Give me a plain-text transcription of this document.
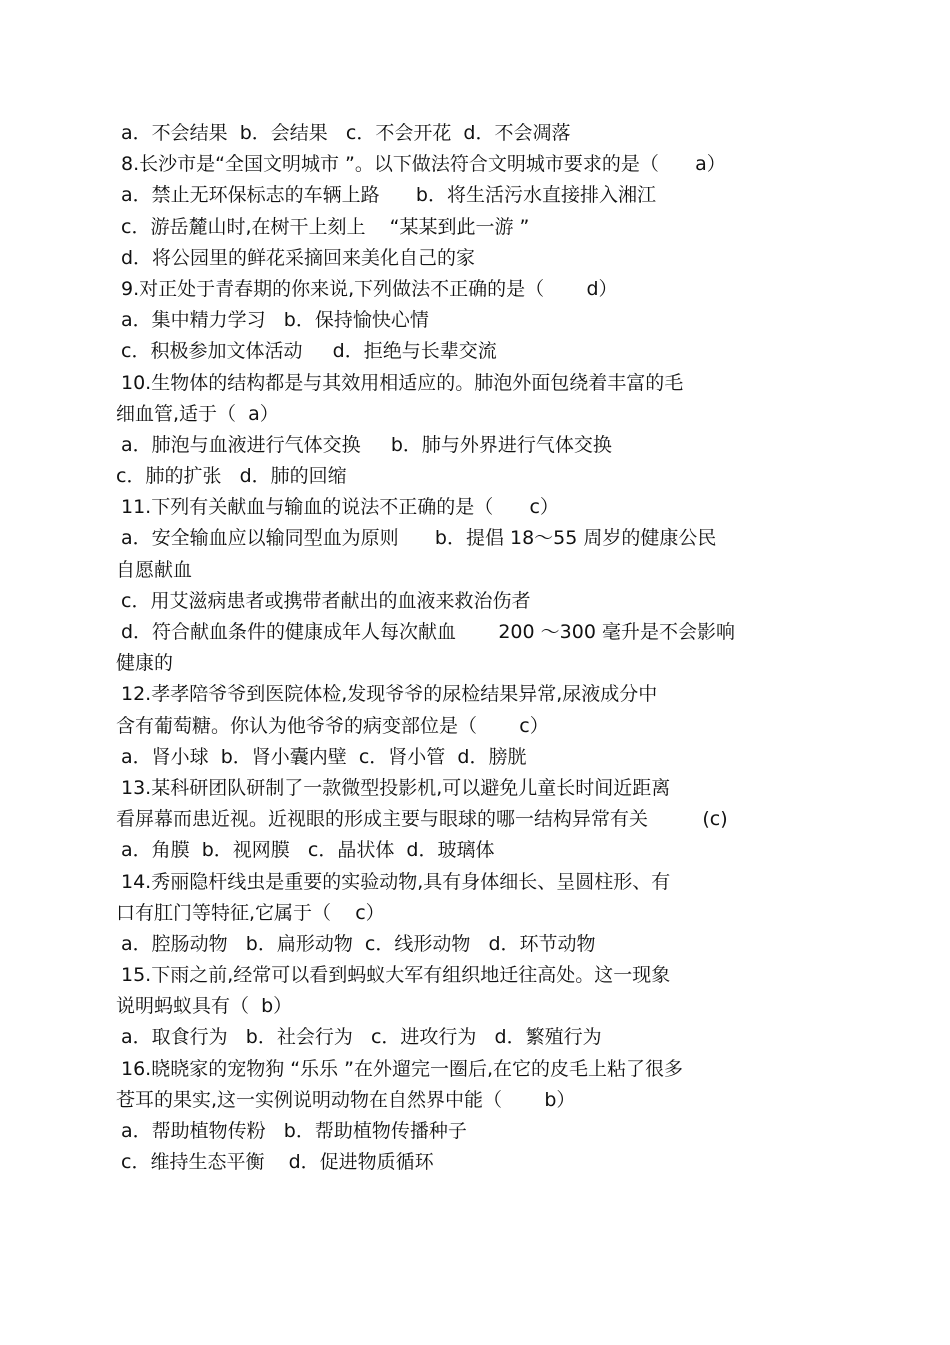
a．不会结果  b．会结果   c．不会开花  d．不会凋落
8.长沙市是“全国文明城市 ”。以下做法符合文明城市要求的是（      a）
a．禁止无环保标志的车辆上路      b．将生活污水直接排入湘江
c．游岳麓山时,在树干上刻上    “某某到此一游 ”
d．将公园里的鲜花采摘回来美化自己的家
9.对正处于青春期的你来说,下列做法不正确的是（       d）
a．集中精力学习   b．保持愉快心情
c．积极参加文体活动     d．拒绝与长辈交流
10.生物体的结构都是与其效用相适应的。肺泡外面包绕着丰富的毛
细血管,适于（  a）
a．肺泡与血液进行气体交换     b．肺与外界进行气体交换
c．肺的扩张   d．肺的回缩
11.下列有关献血与输血的说法不正确的是（      c）
a．安全输血应以输同型血为原则      b．提倡 18～55 周岁的健康公民
自愿献血
c．用艾滋病患者或携带者献出的血液来救治伤者
d．符合献血条件的健康成年人每次献血       200 ～300 毫升是不会影响
健康的
12.孝孝陪爷爷到医院体检,发现爷爷的尿检结果异常,尿液成分中
含有葡萄糖。你认为他爷爷的病变部位是（       c）
a．肾小球  b．肾小囊内壁  c．肾小管  d．膀胱
13.某科研团队研制了一款微型投影机,可以避免儿童长时间近距离
看屏幕而患近视。近视眼的形成主要与眼球的哪一结构异常有关         (c)
a．角膜  b．视网膜   c．晶状体  d．玻璃体
14.秀丽隐杆线虫是重要的实验动物,具有身体细长、呈圆柱形、有
口有肛门等特征,它属于（    c）
a．腔肠动物   b．扁形动物  c．线形动物   d．环节动物
15.下雨之前,经常可以看到蚂蚁大军有组织地迁往高处。这一现象
说明蚂蚁具有（  b）
a．取食行为   b．社会行为   c．进攻行为   d．繁殖行为
16.晓晓家的宠物狗 “乐乐 ”在外遛完一圈后,在它的皮毛上粘了很多
苍耳的果实,这一实例说明动物在自然界中能（       b）
a．帮助植物传粉   b．帮助植物传播种子
c．维持生态平衡    d．促进物质循环
